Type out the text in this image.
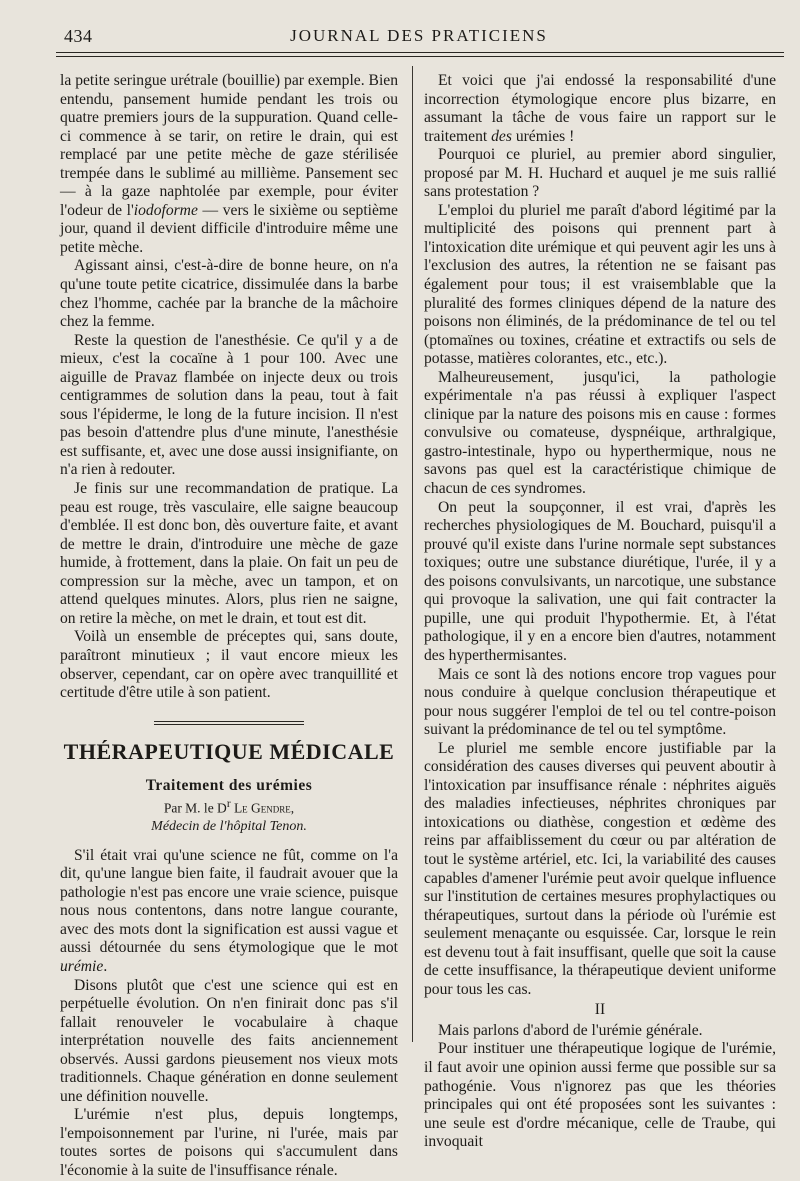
434	JOURNAL DES PRATICIENS

la petite seringue urétrale (bouillie) par exemple. Bien entendu, pansement humide pendant les trois ou quatre premiers jours de la suppuration. Quand celle-ci commence à se tarir, on retire le drain, qui est remplacé par une petite mèche de gaze stérilisée trempée dans le sublimé au millième. Pansement sec — à la gaze naphtolée par exemple, pour éviter l'odeur de l'iodoforme — vers le sixième ou septième jour, quand il devient difficile d'introduire même une petite mèche.

Agissant ainsi, c'est-à-dire de bonne heure, on n'a qu'une toute petite cicatrice, dissimulée dans la barbe chez l'homme, cachée par la branche de la mâchoire chez la femme.

Reste la question de l'anesthésie. Ce qu'il y a de mieux, c'est la cocaïne à 1 pour 100. Avec une aiguille de Pravaz flambée on injecte deux ou trois centigrammes de solution dans la peau, tout à fait sous l'épiderme, le long de la future incision. Il n'est pas besoin d'attendre plus d'une minute, l'anesthésie est suffisante, et, avec une dose aussi insignifiante, on n'a rien à redouter.

Je finis sur une recommandation de pratique. La peau est rouge, très vasculaire, elle saigne beaucoup d'emblée. Il est donc bon, dès ouverture faite, et avant de mettre le drain, d'introduire une mèche de gaze humide, à frottement, dans la plaie. On fait un peu de compression sur la mèche, avec un tampon, et on attend quelques minutes. Alors, plus rien ne saigne, on retire la mèche, on met le drain, et tout est dit.

Voilà un ensemble de préceptes qui, sans doute, paraîtront minutieux ; il vaut encore mieux les observer, cependant, car on opère avec tranquillité et certitude d'être utile à son patient.

THÉRAPEUTIQUE MÉDICALE
Traitement des urémies
Par M. le $D^r$ Le Gendre,
Médecin de l'hôpital Tenon.

S'il était vrai qu'une science ne fût, comme on l'a dit, qu'une langue bien faite, il faudrait avouer que la pathologie n'est pas encore une vraie science, puisque nous nous contentons, dans notre langue courante, avec des mots dont la signification est aussi vague et aussi détournée du sens étymologique que le mot urémie.

Disons plutôt que c'est une science qui est en perpétuelle évolution. On n'en finirait donc pas s'il fallait renouveler le vocabulaire à chaque interprétation nouvelle des faits anciennement observés. Aussi gardons pieusement nos vieux mots traditionnels. Chaque génération en donne seulement une définition nouvelle.

L'urémie n'est plus, depuis longtemps, l'empoisonnement par l'urine, ni l'urée, mais par toutes sortes de poisons qui s'accumulent dans l'économie à la suite de l'insuffisance rénale.

Et voici que j'ai endossé la responsabilité d'une incorrection étymologique encore plus bizarre, en assumant la tâche de vous faire un rapport sur le traitement des urémies !

Pourquoi ce pluriel, au premier abord singulier, proposé par M. H. Huchard et auquel je me suis rallié sans protestation ?

L'emploi du pluriel me paraît d'abord légitimé par la multiplicité des poisons qui prennent part à l'intoxication dite urémique et qui peuvent agir les uns à l'exclusion des autres, la rétention ne se faisant pas également pour tous; il est vraisemblable que la pluralité des formes cliniques dépend de la nature des poisons non éliminés, de la prédominance de tel ou tel (ptomaïnes ou toxines, créatine et extractifs ou sels de potasse, matières colorantes, etc., etc.).

Malheureusement, jusqu'ici, la pathologie expérimentale n'a pas réussi à expliquer l'aspect clinique par la nature des poisons mis en cause : formes convulsive ou comateuse, dyspnéique, arthralgique, gastro-intestinale, hypo ou hyperthermique, nous ne savons pas quel est la caractéristique chimique de chacun de ces syndromes.

On peut la soupçonner, il est vrai, d'après les recherches physiologiques de M. Bouchard, puisqu'il a prouvé qu'il existe dans l'urine normale sept substances toxiques; outre une substance diurétique, l'urée, il y a des poisons convulsivants, un narcotique, une substance qui provoque la salivation, une qui fait contracter la pupille, une qui produit l'hypothermie. Et, à l'état pathologique, il y en a encore bien d'autres, notamment des hyperthermisantes.

Mais ce sont là des notions encore trop vagues pour nous conduire à quelque conclusion thérapeutique et pour nous suggérer l'emploi de tel ou tel contre-poison suivant la prédominance de tel ou tel symptôme.

Le pluriel me semble encore justifiable par la considération des causes diverses qui peuvent aboutir à l'intoxication par insuffisance rénale : néphrites aiguës des maladies infectieuses, néphrites chroniques par intoxications ou diathèse, congestion et œdème des reins par affaiblissement du cœur ou par altération de tout le système artériel, etc. Ici, la variabilité des causes capables d'amener l'urémie peut avoir quelque influence sur l'institution de certaines mesures prophylactiques ou thérapeutiques, surtout dans la période où l'urémie est seulement menaçante ou esquissée. Car, lorsque le rein est devenu tout à fait insuffisant, quelle que soit la cause de cette insuffisance, la thérapeutique devient uniforme pour tous les cas.

II

Mais parlons d'abord de l'urémie générale.

Pour instituer une thérapeutique logique de l'urémie, il faut avoir une opinion aussi ferme que possible sur sa pathogénie. Vous n'ignorez pas que les théories principales qui ont été proposées sont les suivantes : une seule est d'ordre mécanique, celle de Traube, qui invoquait
